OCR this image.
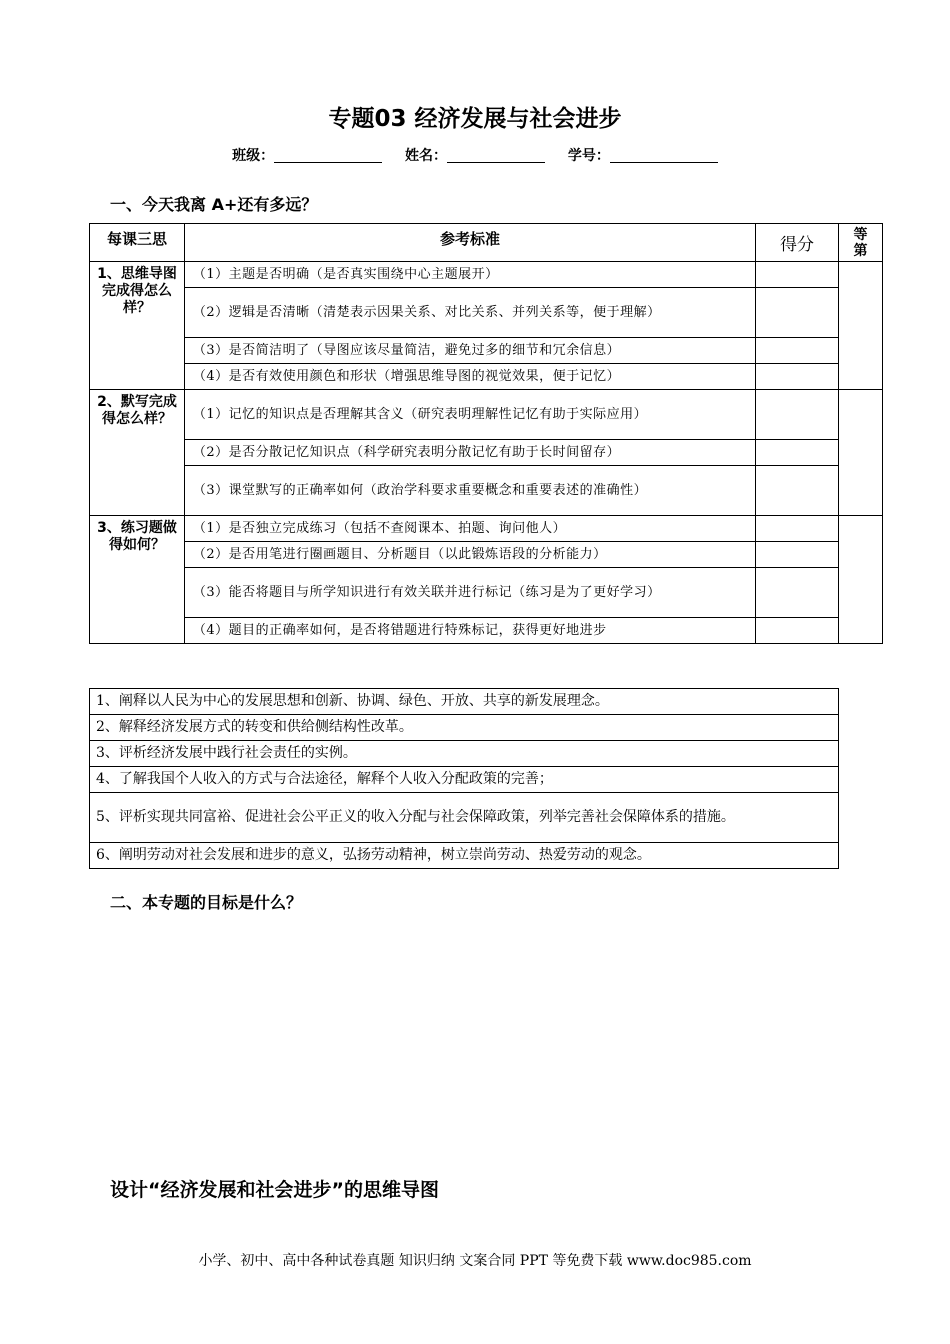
专题03 经济发展与社会进步
班级：	姓名：	学号：
一、今天我离 A+还有多远？
每课三思	参考标准	得分	等第
1、思维导图完成得怎么样？	（1）主题是否明确（是否真实围绕中心主题展开）		
	（2）逻辑是否清晰（清楚表示因果关系、对比关系、并列关系等，便于理解）		
	（3）是否简洁明了（导图应该尽量简洁，避免过多的细节和冗余信息）		
	（4）是否有效使用颜色和形状（增强思维导图的视觉效果，便于记忆）		
2、默写完成得怎么样？	（1）记忆的知识点是否理解其含义（研究表明理解性记忆有助于实际应用）		
	（2）是否分散记忆知识点（科学研究表明分散记忆有助于长时间留存）		
	（3）课堂默写的正确率如何（政治学科要求重要概念和重要表述的准确性）		
3、练习题做得如何？	（1）是否独立完成练习（包括不查阅课本、拍题、询问他人）		
	（2）是否用笔进行圈画题目、分析题目（以此锻炼语段的分析能力）		
	（3）能否将题目与所学知识进行有效关联并进行标记（练习是为了更好学习）		
	（4）题目的正确率如何，是否将错题进行特殊标记，获得更好地进步		
1、阐释以人民为中心的发展思想和创新、协调、绿色、开放、共享的新发展理念。
2、解释经济发展方式的转变和供给侧结构性改革。
3、评析经济发展中践行社会责任的实例。
4、了解我国个人收入的方式与合法途径，解释个人收入分配政策的完善；
5、评析实现共同富裕、促进社会公平正义的收入分配与社会保障政策，列举完善社会保障体系的措施。
6、阐明劳动对社会发展和进步的意义，弘扬劳动精神，树立崇尚劳动、热爱劳动的观念。
二、本专题的目标是什么？
设计“经济发展和社会进步”的思维导图
小学、初中、高中各种试卷真题 知识归纳 文案合同 PPT 等免费下载 www.doc985.com
